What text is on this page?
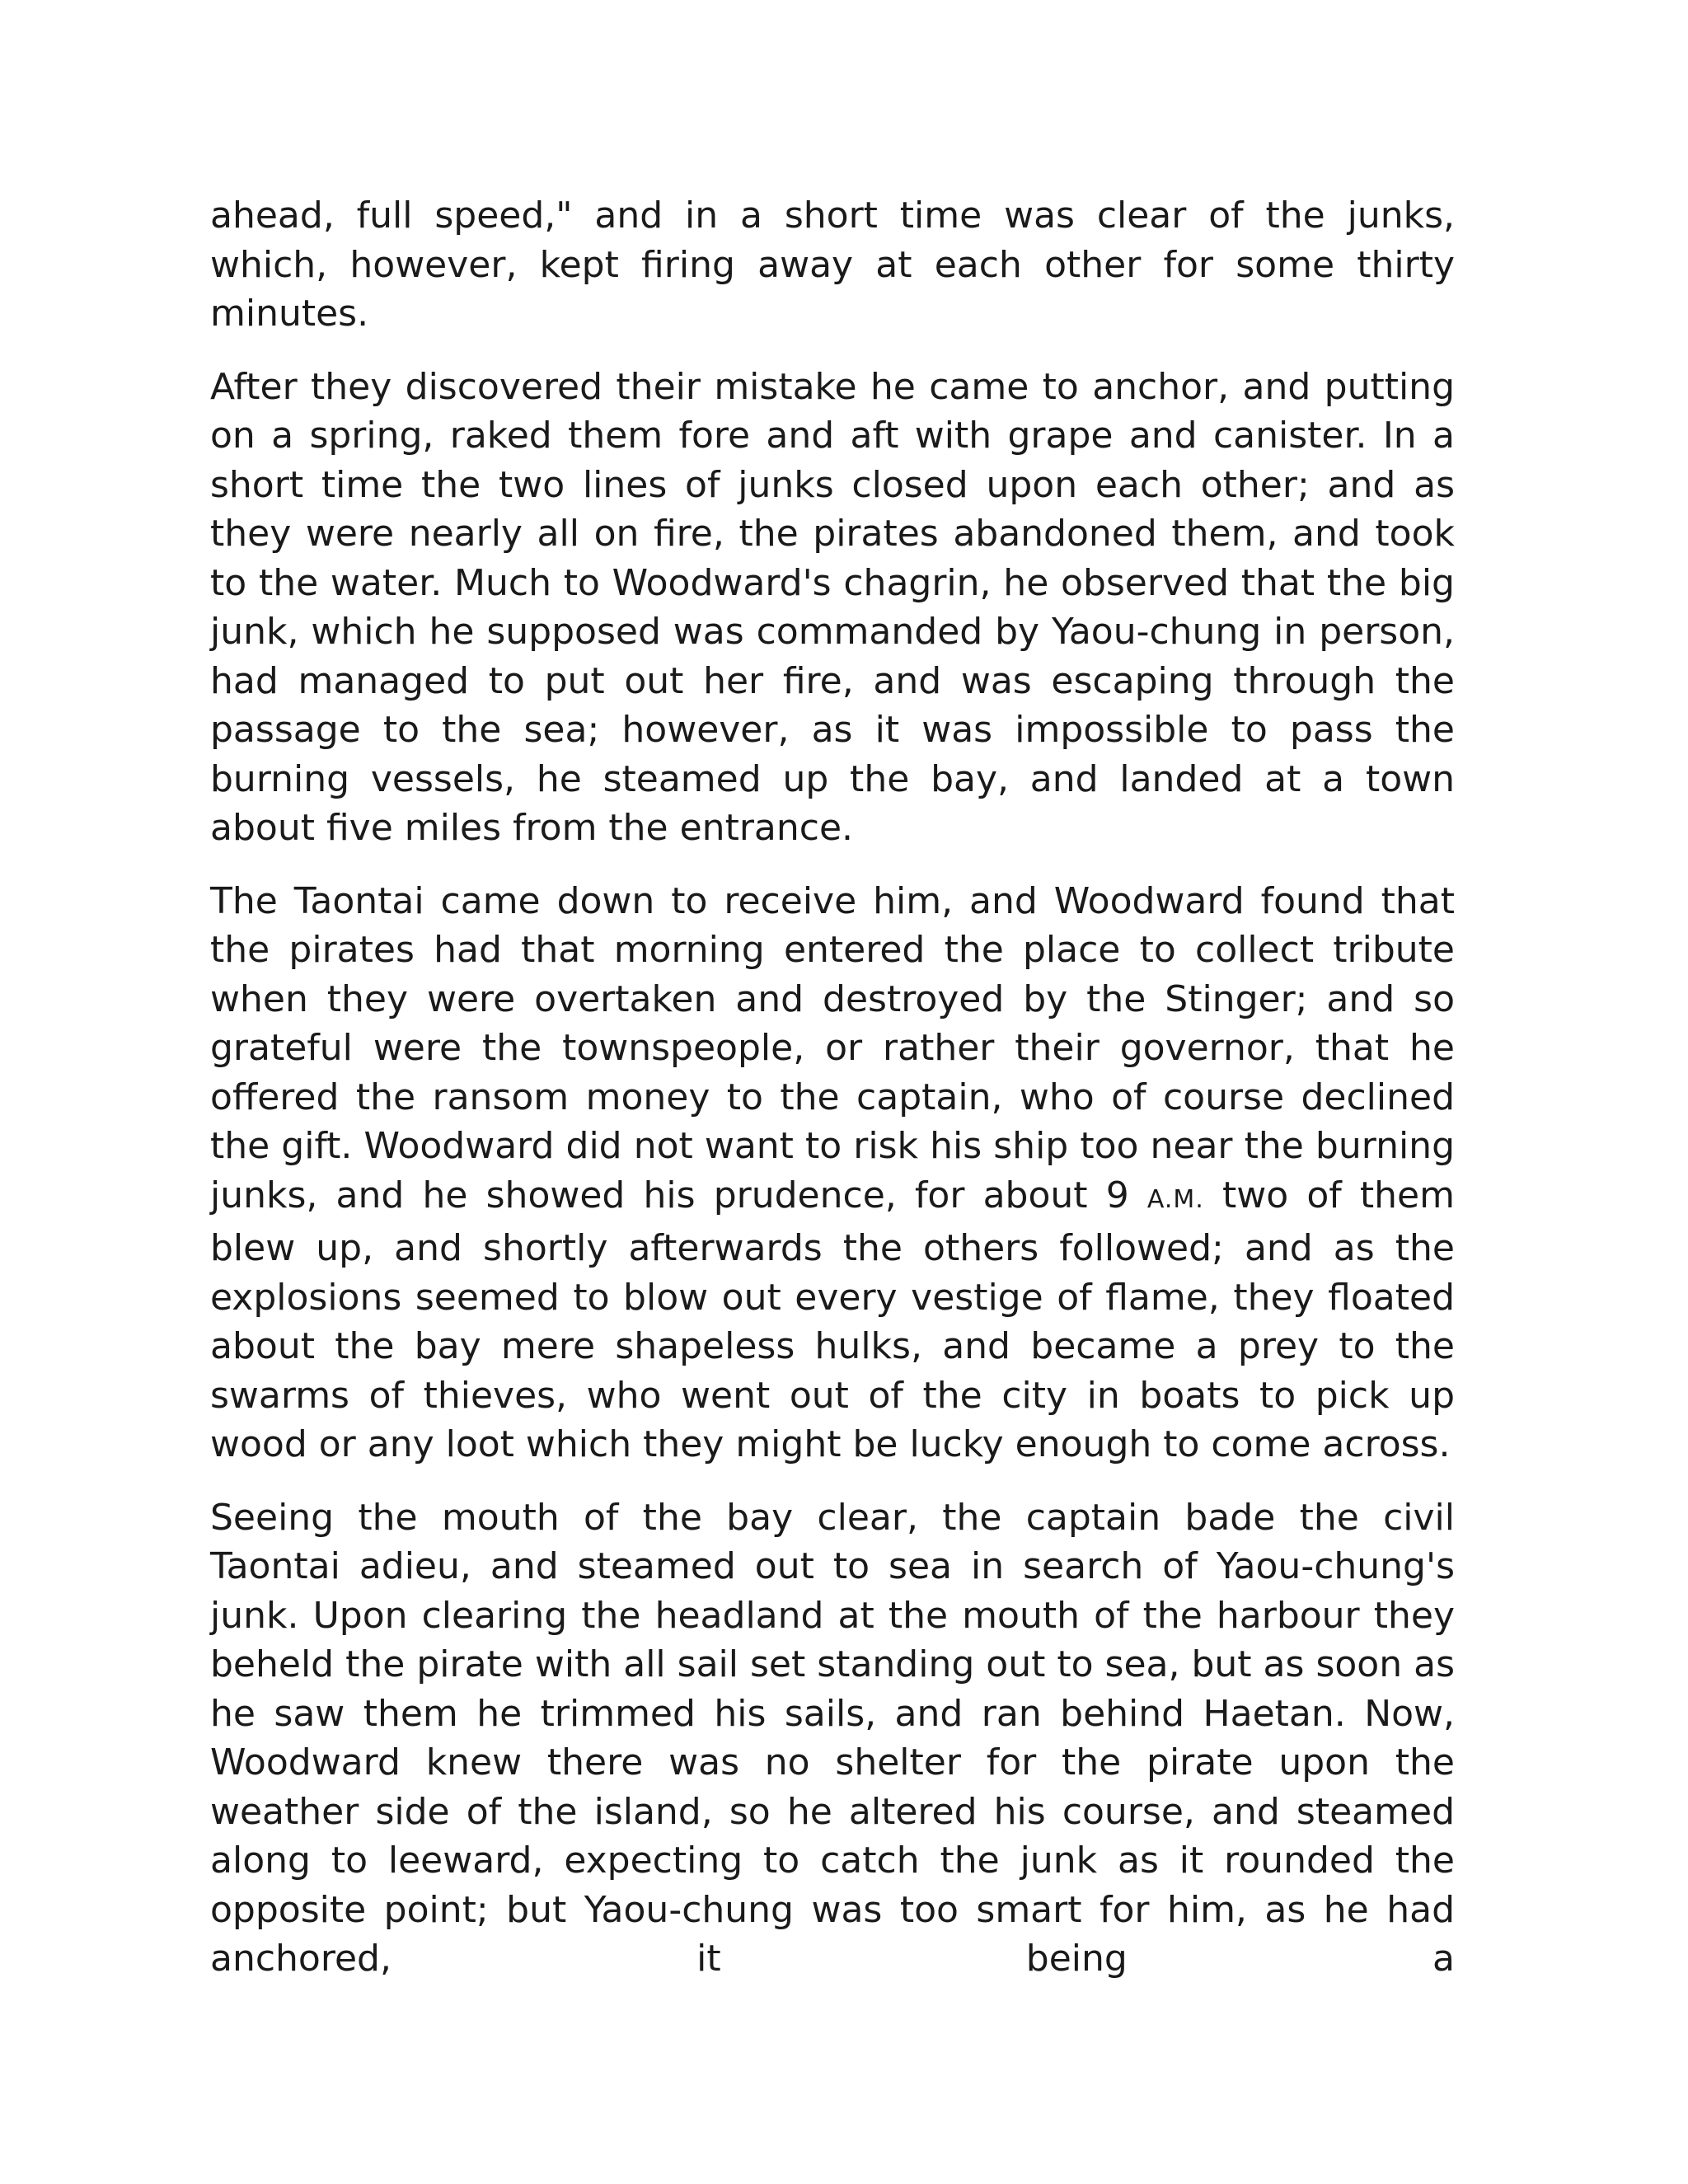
ahead, full speed," and in a short time was clear of the junks, which, however, kept firing away at each other for some thirty minutes.

After they discovered their mistake he came to anchor, and putting on a spring, raked them fore and aft with grape and canister. In a short time the two lines of junks closed upon each other; and as they were nearly all on fire, the pirates abandoned them, and took to the water. Much to Woodward's chagrin, he observed that the big junk, which he supposed was commanded by Yaou-chung in person, had managed to put out her fire, and was escaping through the passage to the sea; however, as it was impossible to pass the burning vessels, he steamed up the bay, and landed at a town about five miles from the entrance.

The Taontai came down to receive him, and Woodward found that the pirates had that morning entered the place to collect tribute when they were overtaken and destroyed by the Stinger; and so grateful were the townspeople, or rather their governor, that he offered the ransom money to the captain, who of course declined the gift. Woodward did not want to risk his ship too near the burning junks, and he showed his prudence, for about 9 A.M. two of them blew up, and shortly afterwards the others followed; and as the explosions seemed to blow out every vestige of flame, they floated about the bay mere shapeless hulks, and became a prey to the swarms of thieves, who went out of the city in boats to pick up wood or any loot which they might be lucky enough to come across.

Seeing the mouth of the bay clear, the captain bade the civil Taontai adieu, and steamed out to sea in search of Yaou-chung's junk. Upon clearing the headland at the mouth of the harbour they beheld the pirate with all sail set standing out to sea, but as soon as he saw them he trimmed his sails, and ran behind Haetan. Now, Woodward knew there was no shelter for the pirate upon the weather side of the island, so he altered his course, and steamed along to leeward, expecting to catch the junk as it rounded the opposite point; but Yaou-chung was too smart for him, as he had anchored, it being a
